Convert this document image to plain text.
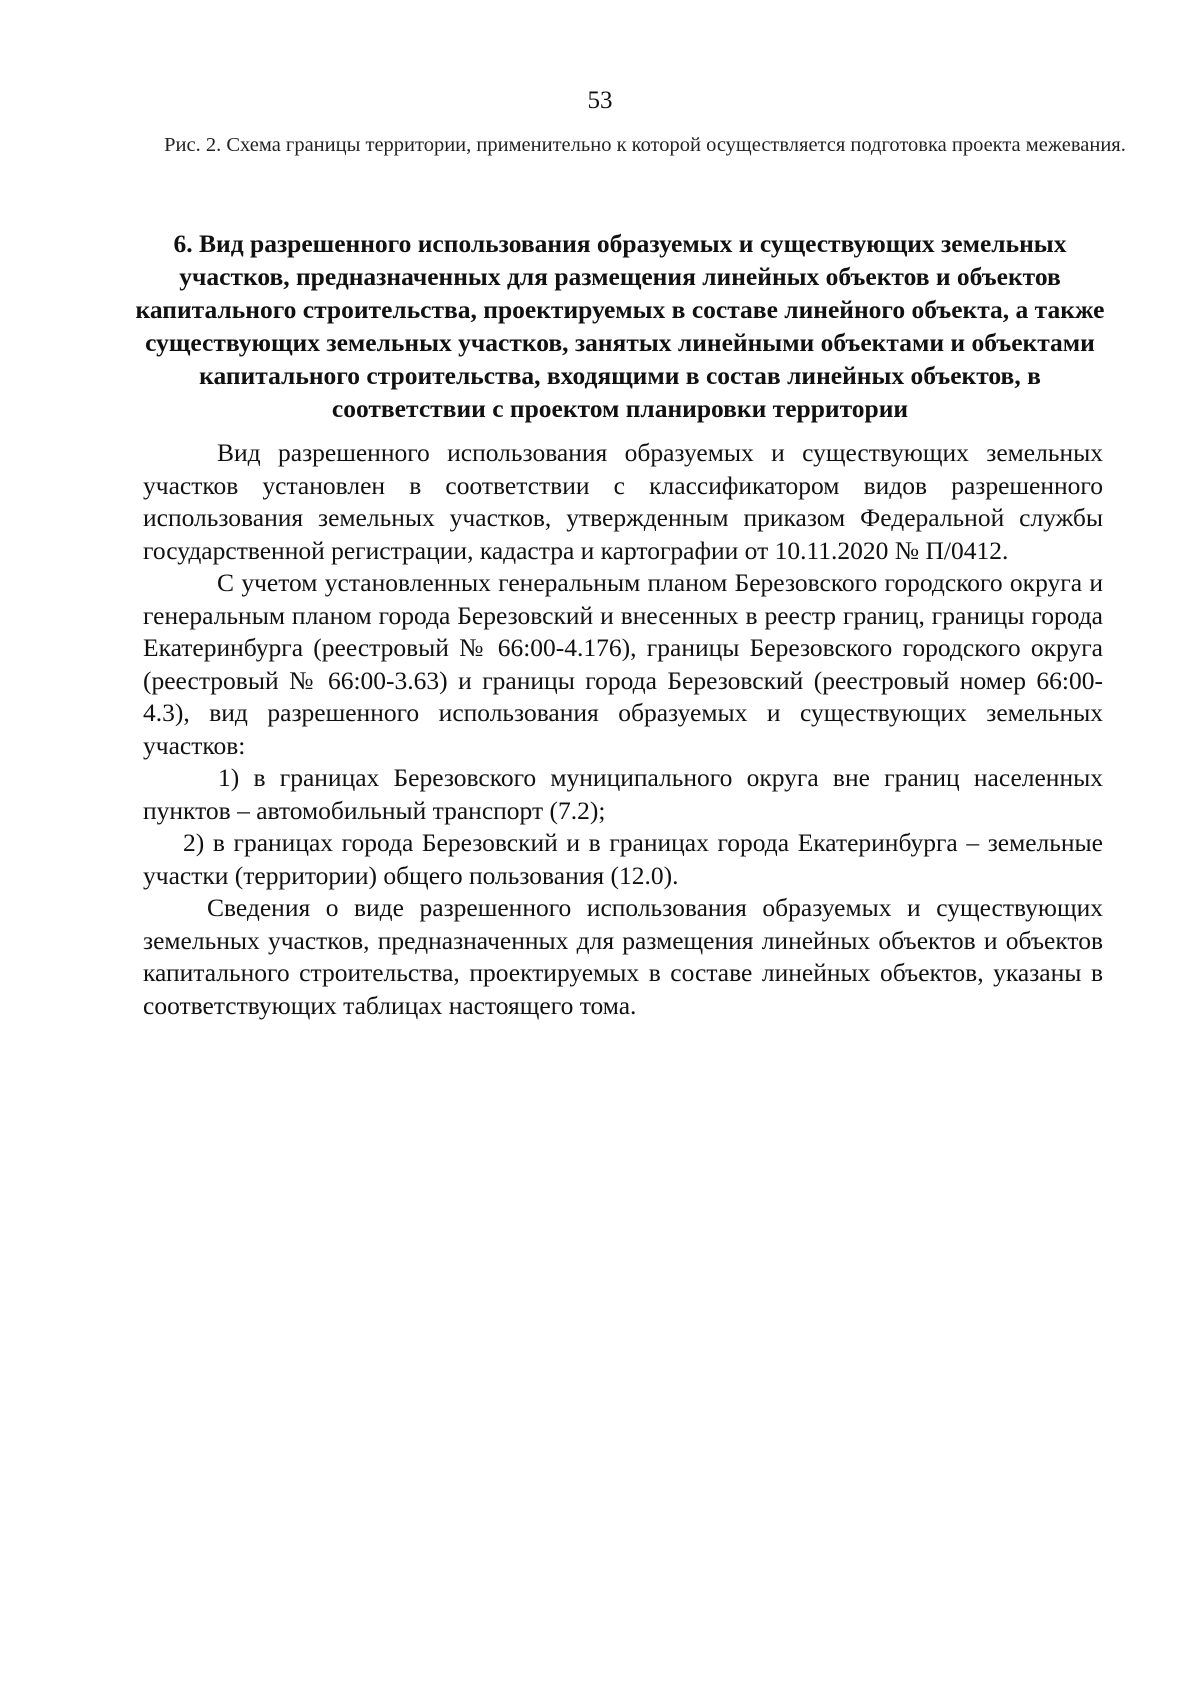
53

Рис. 2. Схема границы территории, применительно к которой осуществляется подготовка проекта межевания.

6. Вид разрешенного использования образуемых и существующих земельных участков, предназначенных для размещения линейных объектов и объектов капитального строительства, проектируемых в составе линейного объекта, а также существующих земельных участков, занятых линейными объектами и объектами капитального строительства, входящими в состав линейных объектов, в соответствии с проектом планировки территории

Вид разрешенного использования образуемых и существующих земельных участков установлен в соответствии с классификатором видов разрешенного использования земельных участков, утвержденным приказом Федеральной службы государственной регистрации, кадастра и картографии от 10.11.2020 № П/0412.

С учетом установленных генеральным планом Березовского городского округа и генеральным планом города Березовский и внесенных в реестр границ, границы города Екатеринбурга (реестровый № 66:00-4.176), границы Березовского городского округа (реестровый № 66:00-3.63) и границы города Березовский (реестровый номер 66:00-4.3), вид разрешенного использования образуемых и существующих земельных участков:

1) в границах Березовского муниципального округа вне границ населенных пунктов – автомобильный транспорт (7.2);

2) в границах города Березовский и в границах города Екатеринбурга – земельные участки (территории) общего пользования (12.0).

Сведения о виде разрешенного использования образуемых и существующих земельных участков, предназначенных для размещения линейных объектов и объектов капитального строительства, проектируемых в составе линейных объектов, указаны в соответствующих таблицах настоящего тома.
